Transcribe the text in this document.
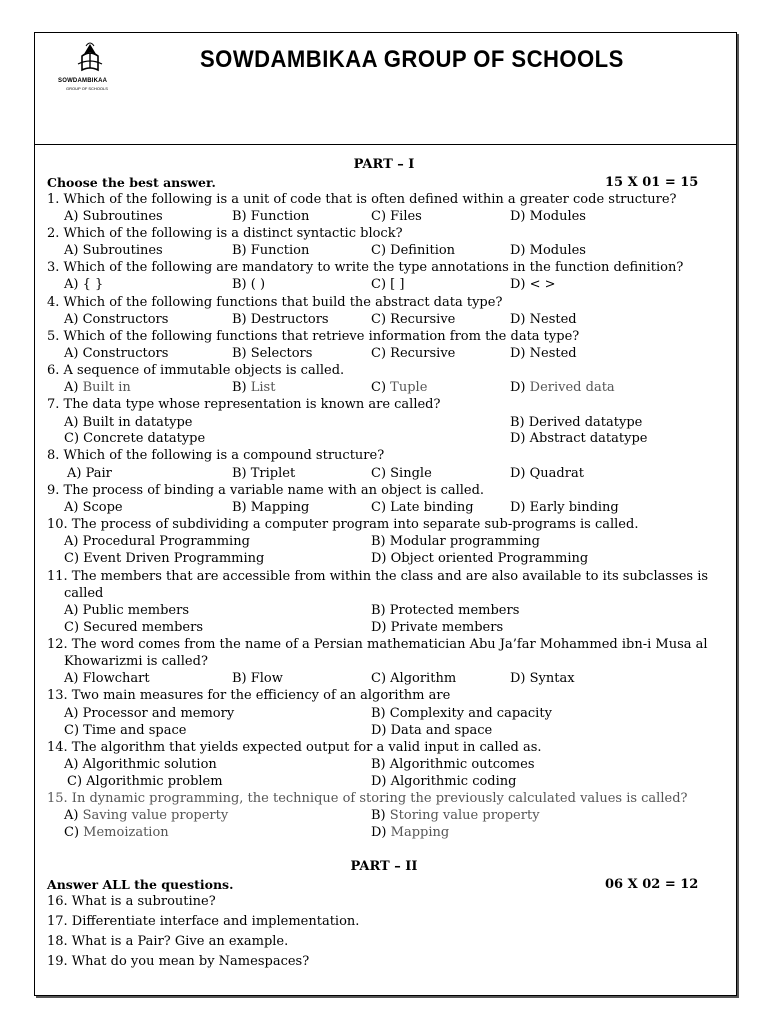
SOWDAMBIKAA
GROUP OF SCHOOLS
SOWDAMBIKAA GROUP OF SCHOOLS
PART – I
Choose the best answer.	15 X 01 = 15
1. Which of the following is a unit of code that is often defined within a greater code structure?
A) Subroutines	B) Function	C) Files	D) Modules
2. Which of the following is a distinct syntactic block?
A) Subroutines	B) Function	C) Definition	D) Modules
3. Which of the following are mandatory to write the type annotations in the function definition?
A) { }	B) ( )	C) [ ]	D) < >
4. Which of the following functions that build the abstract data type?
A) Constructors	B) Destructors	C) Recursive	D) Nested
5. Which of the following functions that retrieve information from the data type?
A) Constructors	B) Selectors	C) Recursive	D) Nested
6. A sequence of immutable objects is called.
A) Built in	B) List	C) Tuple	D) Derived data
7. The data type whose representation is known are called?
A) Built in datatype	B) Derived datatype
C) Concrete datatype	D) Abstract datatype
8. Which of the following is a compound structure?
A) Pair	B) Triplet	C) Single	D) Quadrat
9. The process of binding a variable name with an object is called.
A) Scope	B) Mapping	C) Late binding	D) Early binding
10. The process of subdividing a computer program into separate sub-programs is called.
A) Procedural Programming	B) Modular programming
C) Event Driven Programming	D) Object oriented Programming
11. The members that are accessible from within the class and are also available to its subclasses is
called
A) Public members	B) Protected members
C) Secured members	D) Private members
12. The word comes from the name of a Persian mathematician Abu Ja’far Mohammed ibn-i Musa al
Khowarizmi is called?
A) Flowchart	B) Flow	C) Algorithm	D) Syntax
13. Two main measures for the efficiency of an algorithm are
A) Processor and memory	B) Complexity and capacity
C) Time and space	D) Data and space
14. The algorithm that yields expected output for a valid input in called as.
A) Algorithmic solution	B) Algorithmic outcomes
C) Algorithmic problem	D) Algorithmic coding
15. In dynamic programming, the technique of storing the previously calculated values is called?
A) Saving value property	B) Storing value property
C) Memoization	D) Mapping
PART – II
Answer ALL the questions.	06 X 02 = 12
16. What is a subroutine?
17. Differentiate interface and implementation.
18. What is a Pair? Give an example.
19. What do you mean by Namespaces?
